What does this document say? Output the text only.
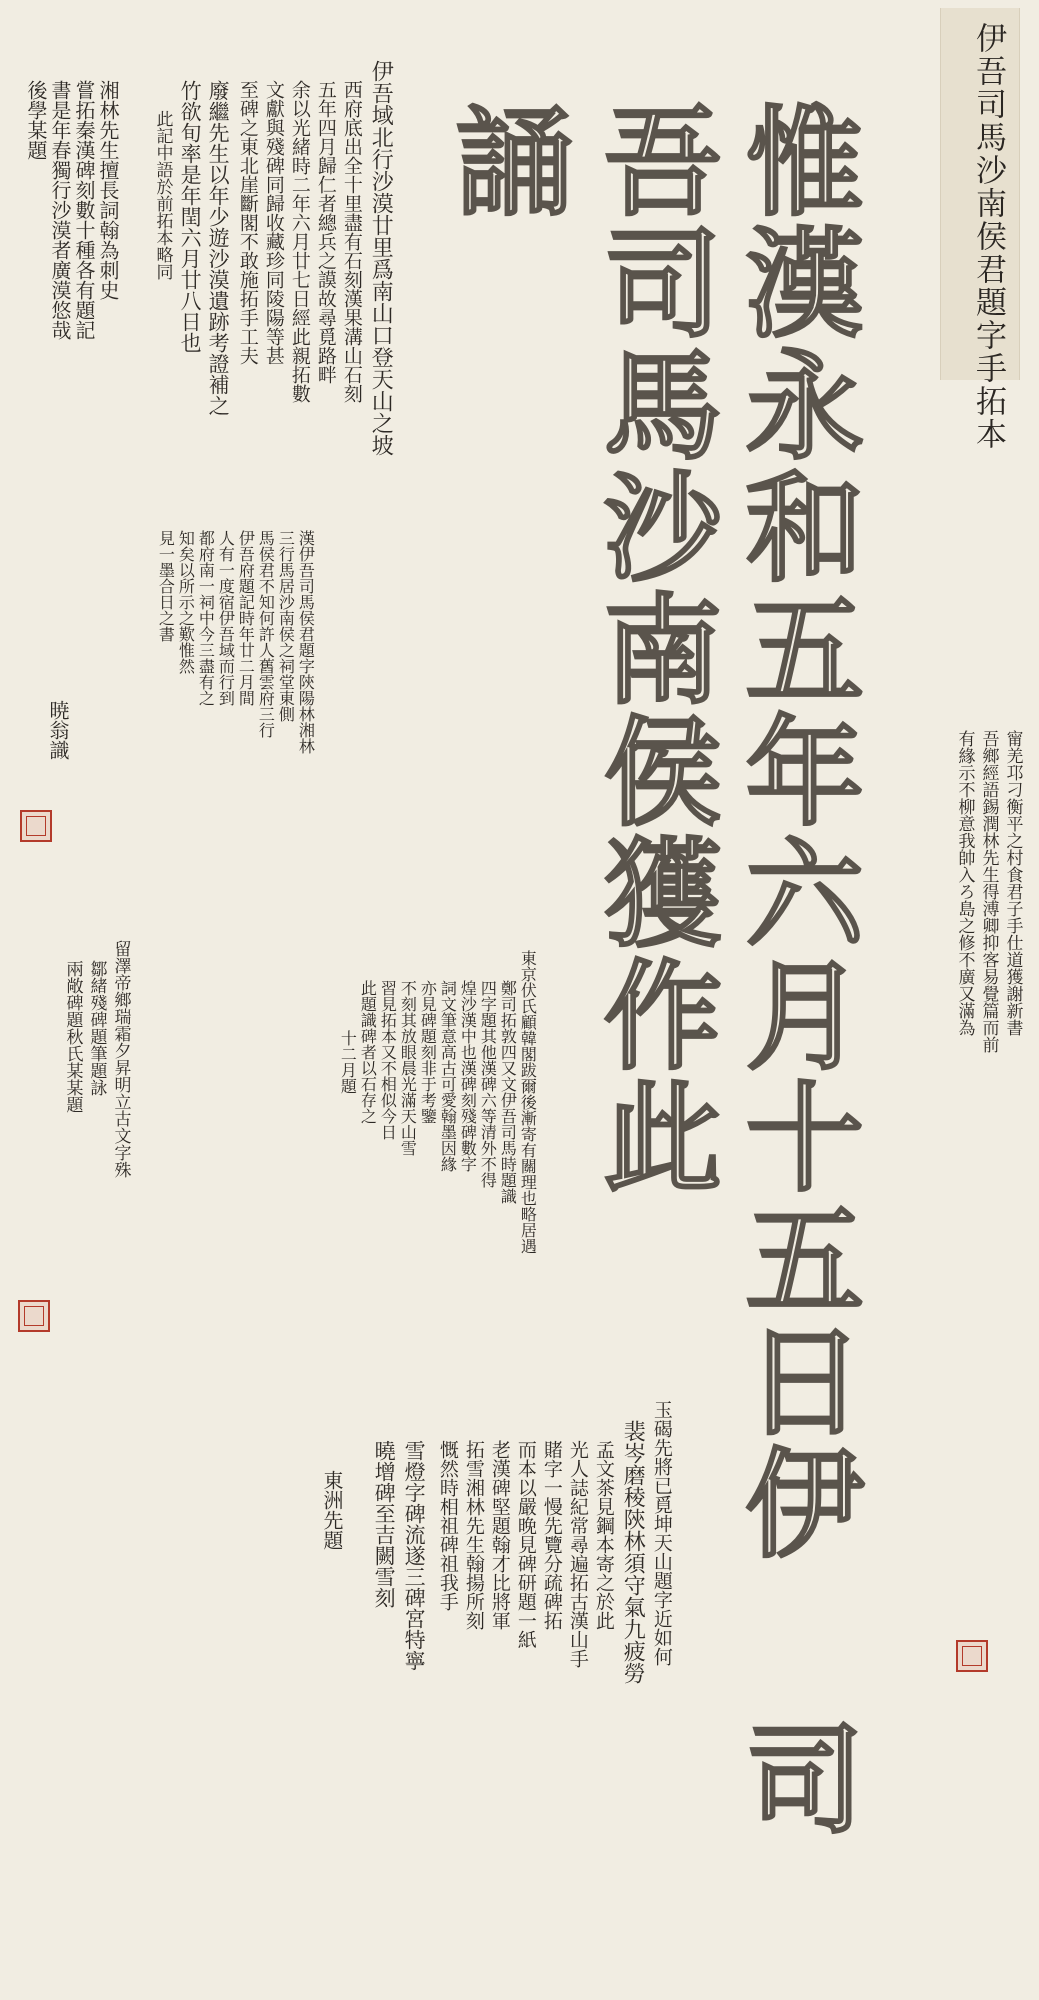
伊吾司馬沙南侯君題字手拓本
惟漢永和五年六月十五日伊
吾司馬沙南侯獲作此
誦
司
甯羌邛刁衡平之村食君子手仕道獲謝新書
吾鄉經語錫潤林先生得溥卿抑客易覺篇而前
有緣示不柳意我帥入ろ島之修不廣又滿為
伊吾域北行沙漠廿里爲南山口登天山之坡
西府底出全十里盡有石刻漢果溝山石刻
五年四月歸仁者總兵之謨故尋覓路畔
余以光緒時二年六月廿七日經此親拓數
文獻與殘碑同歸收藏珍同陵陽等甚
至碑之東北崖斷閣不敢施拓手工夫
廢繼先生以年少遊沙漠遺跡考證補之
竹欲旬率是年閏六月廿八日也
此記中語於前拓本略同
湘林先生擅長詞翰為刺史
嘗拓秦漢碑刻數十種各有題記
書是年春獨行沙漠者廣漠悠哉
後學某題
漢伊吾司馬侯君題字陝陽林湘林
三行馬居沙南侯之祠堂東側
馬侯君不知何許人舊雲府三行
伊吾府題記時年廿二月間
人有一度宿伊吾域而行到
都府南一祠中今三盡有之
知矣以所示之歎惟然
見一墨合日之書
暁翁識
東京伏氏顧韓閣跋爾後漸寄有關理也略居遇
鄭司拓敦四又文伊吾司馬時題識
四字題其他漢碑六等清外不得
煌沙漢中也漢碑刻殘碑數字
詞文筆意高古可愛翰墨因緣
亦見碑題刻非于考鑒
不刻其放眼晨光滿天山雪
習見拓本又不相似今日
此題識碑者以石存之
十二月題
玉碣先將已覓坤天山題字近如何
裴岑磨稜陝林須守氣九疲勞
孟文茶見鋼本寄之於此
光人誌紀常尋遍拓古漢山手
賭字一慢先覽分疏碑拓
而本以嚴晚見碑研題一紙
老漢碑堅題翰才比將軍
拓雪湘林先生翰揚所刻
慨然時相祖碑祖我手
雪燈字碑流遂三碑宮特寧
曉增碑至吉闕雪刻
東洲先題
留澤帝鄉瑞霜夕昇明立古文字殊
鄒緒殘碑題筆題詠
兩敞碑題秋氏某某題
